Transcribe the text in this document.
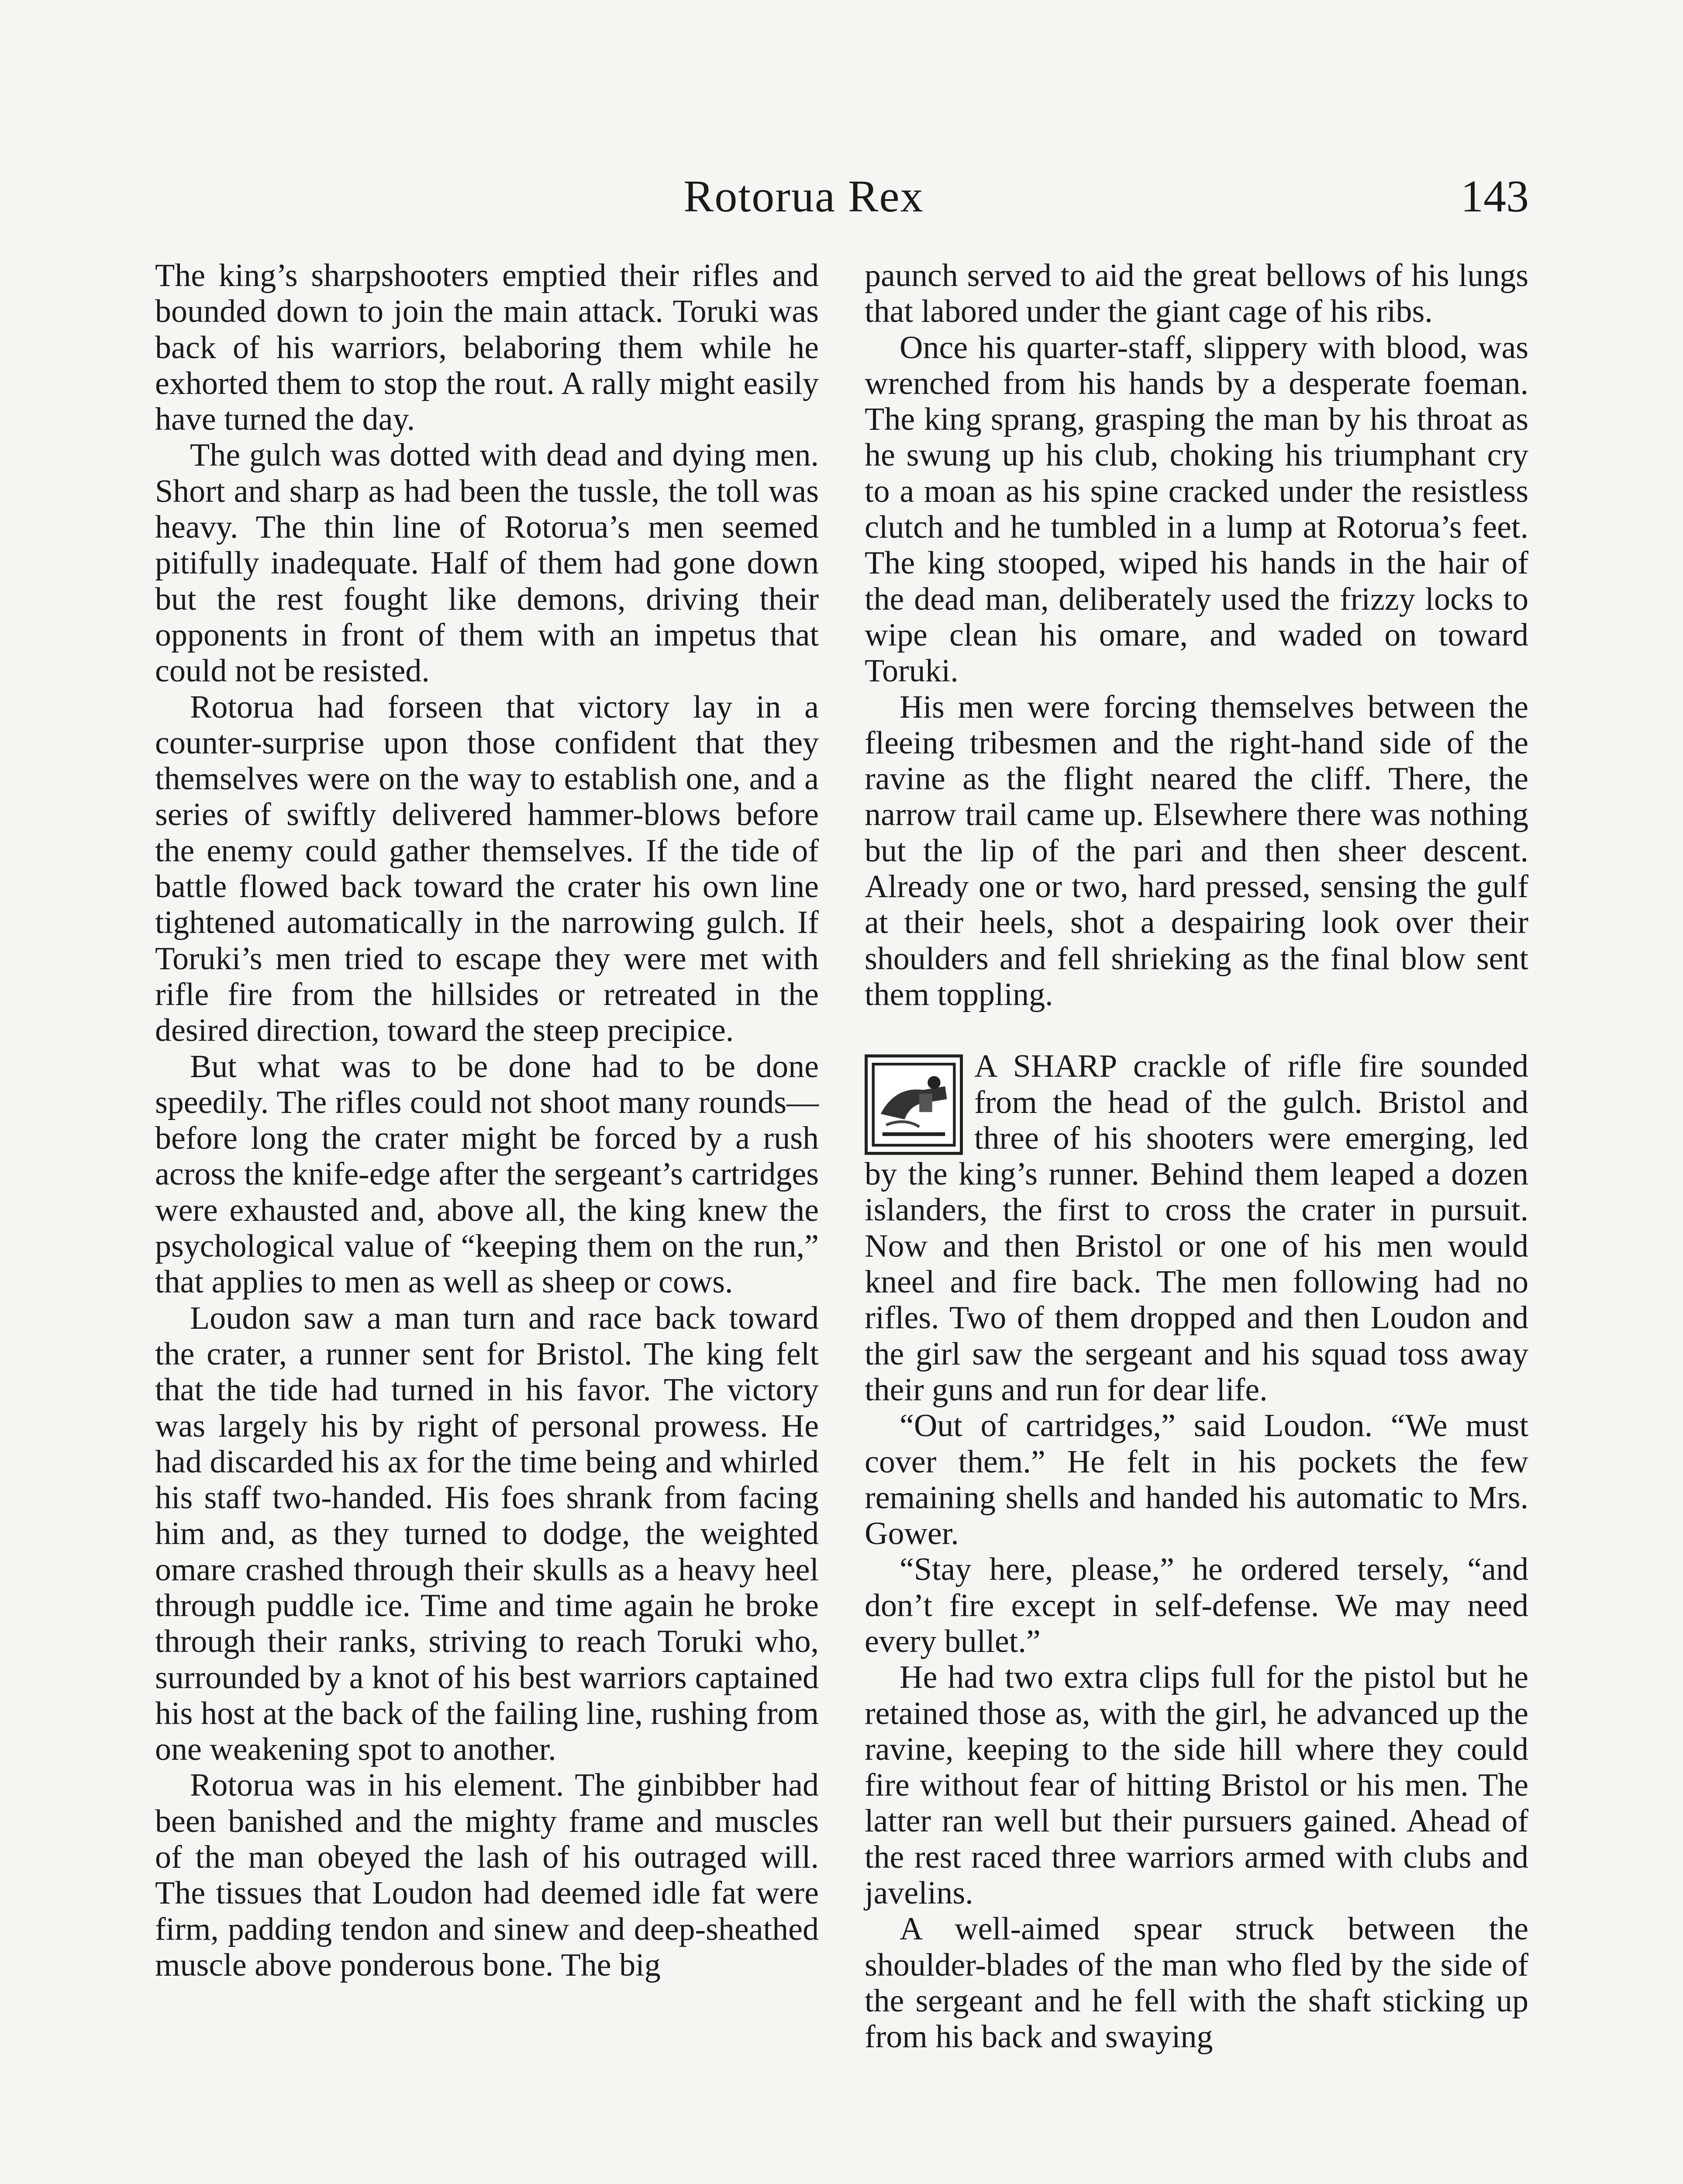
Rotorua Rex	143

The king’s sharpshooters emptied their rifles and bounded down to join the main attack. Toruki was back of his warriors, belaboring them while he exhorted them to stop the rout. A rally might easily have turned the day.

The gulch was dotted with dead and dying men. Short and sharp as had been the tussle, the toll was heavy. The thin line of Rotorua’s men seemed pitifully inadequate. Half of them had gone down but the rest fought like demons, driving their opponents in front of them with an impetus that could not be resisted.

Rotorua had forseen that victory lay in a counter-surprise upon those confident that they themselves were on the way to establish one, and a series of swiftly delivered hammer-blows before the enemy could gather themselves. If the tide of battle flowed back toward the crater his own line tightened automatically in the narrowing gulch. If Toruki’s men tried to escape they were met with rifle fire from the hillsides or retreated in the desired direction, toward the steep precipice.

But what was to be done had to be done speedily. The rifles could not shoot many rounds—before long the crater might be forced by a rush across the knife-edge after the sergeant’s cartridges were exhausted and, above all, the king knew the psychological value of “keeping them on the run,” that applies to men as well as sheep or cows.

Loudon saw a man turn and race back toward the crater, a runner sent for Bristol. The king felt that the tide had turned in his favor. The victory was largely his by right of personal prowess. He had discarded his ax for the time being and whirled his staff two-handed. His foes shrank from facing him and, as they turned to dodge, the weighted omare crashed through their skulls as a heavy heel through puddle ice. Time and time again he broke through their ranks, striving to reach Toruki who, surrounded by a knot of his best warriors captained his host at the back of the failing line, rushing from one weakening spot to another.

Rotorua was in his element. The ginbibber had been banished and the mighty frame and muscles of the man obeyed the lash of his outraged will. The tissues that Loudon had deemed idle fat were firm, padding tendon and sinew and deep-sheathed muscle above ponderous bone. The big

paunch served to aid the great bellows of his lungs that labored under the giant cage of his ribs.

Once his quarter-staff, slippery with blood, was wrenched from his hands by a desperate foeman. The king sprang, grasping the man by his throat as he swung up his club, choking his triumphant cry to a moan as his spine cracked under the resistless clutch and he tumbled in a lump at Rotorua’s feet. The king stooped, wiped his hands in the hair of the dead man, deliberately used the frizzy locks to wipe clean his omare, and waded on toward Toruki.

His men were forcing themselves between the fleeing tribesmen and the right-hand side of the ravine as the flight neared the cliff. There, the narrow trail came up. Elsewhere there was nothing but the lip of the pari and then sheer descent. Already one or two, hard pressed, sensing the gulf at their heels, shot a despairing look over their shoulders and fell shrieking as the final blow sent them toppling.

A SHARP crackle of rifle fire sounded from the head of the gulch. Bristol and three of his shooters were emerging, led by the king’s runner. Behind them leaped a dozen islanders, the first to cross the crater in pursuit. Now and then Bristol or one of his men would kneel and fire back. The men following had no rifles. Two of them dropped and then Loudon and the girl saw the sergeant and his squad toss away their guns and run for dear life.

“Out of cartridges,” said Loudon. “We must cover them.” He felt in his pockets the few remaining shells and handed his automatic to Mrs. Gower.

“Stay here, please,” he ordered tersely, “and don’t fire except in self-defense. We may need every bullet.”

He had two extra clips full for the pistol but he retained those as, with the girl, he advanced up the ravine, keeping to the side hill where they could fire without fear of hitting Bristol or his men. The latter ran well but their pursuers gained. Ahead of the rest raced three warriors armed with clubs and javelins.

A well-aimed spear struck between the shoulder-blades of the man who fled by the side of the sergeant and he fell with the shaft sticking up from his back and swaying
